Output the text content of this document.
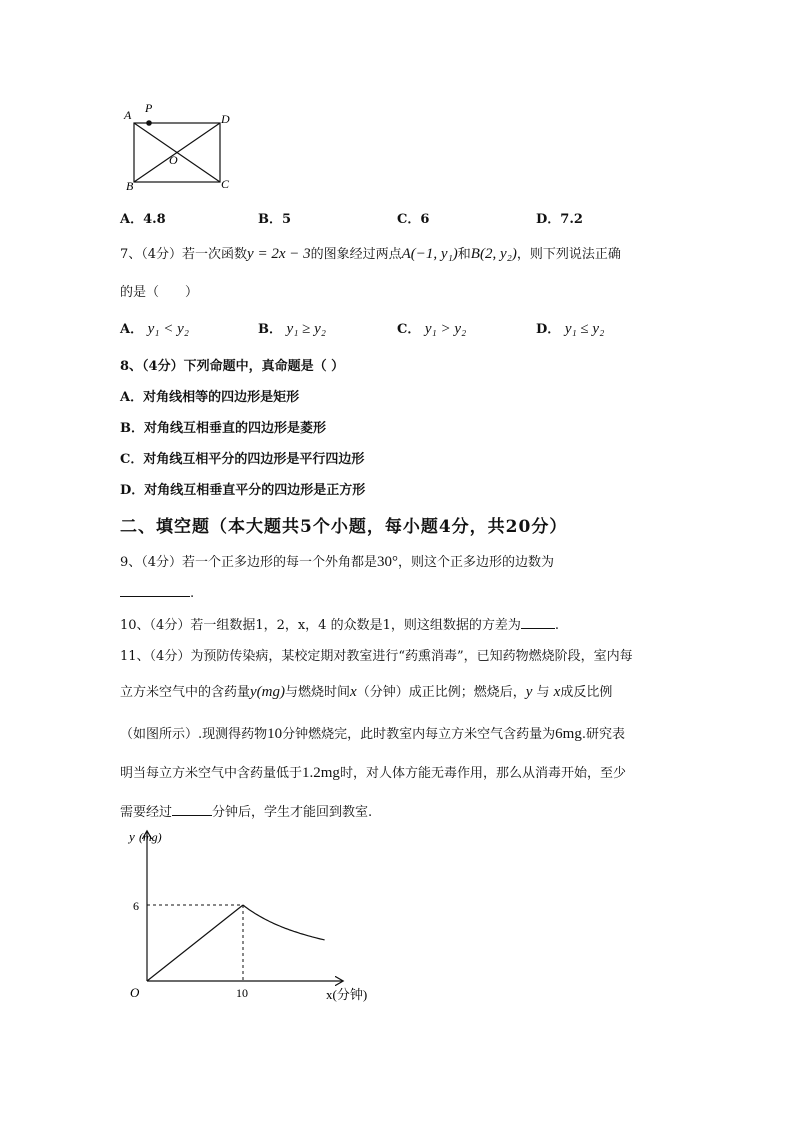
A P
D
O
B	C
A．4.8	B．5	C．6	D．7.2
7、（4分）若一次函数y = 2x − 3的图象经过两点A(−1, y₁)和B(2, y₂)，则下列说法正确
的是（　　）
A． y₁ < y₂	B． y₁ ≥ y₂	C． y₁ > y₂	D． y₁ ≤ y₂
8、（4分）下列命题中，真命题是（ ）
A．对角线相等的四边形是矩形
B．对角线互相垂直的四边形是菱形
C．对角线互相平分的四边形是平行四边形
D．对角线互相垂直平分的四边形是正方形
二、填空题（本大题共5个小题，每小题4分，共20分）
9、（4分）若一个正多边形的每一个外角都是30°，则这个正多边形的边数为
.
10、（4分）若一组数据1，2，x，4 的众数是1，则这组数据的方差为	.
11、（4分）为预防传染病，某校定期对教室进行“药熏消毒”，已知药物燃烧阶段，室内每
立方米空气中的含药量y(mg)与燃烧时间x（分钟）成正比例；燃烧后，y 与 x成反比例
（如图所示）.现测得药物10分钟燃烧完，此时教室内每立方米空气含药量为6mg.研究表
明当每立方米空气中含药量低于1.2mg时，对人体方能无毒作用，那么从消毒开始，至少
需要经过	分钟后，学生才能回到教室.
y (mg)
6
O	10	x(分钟)
